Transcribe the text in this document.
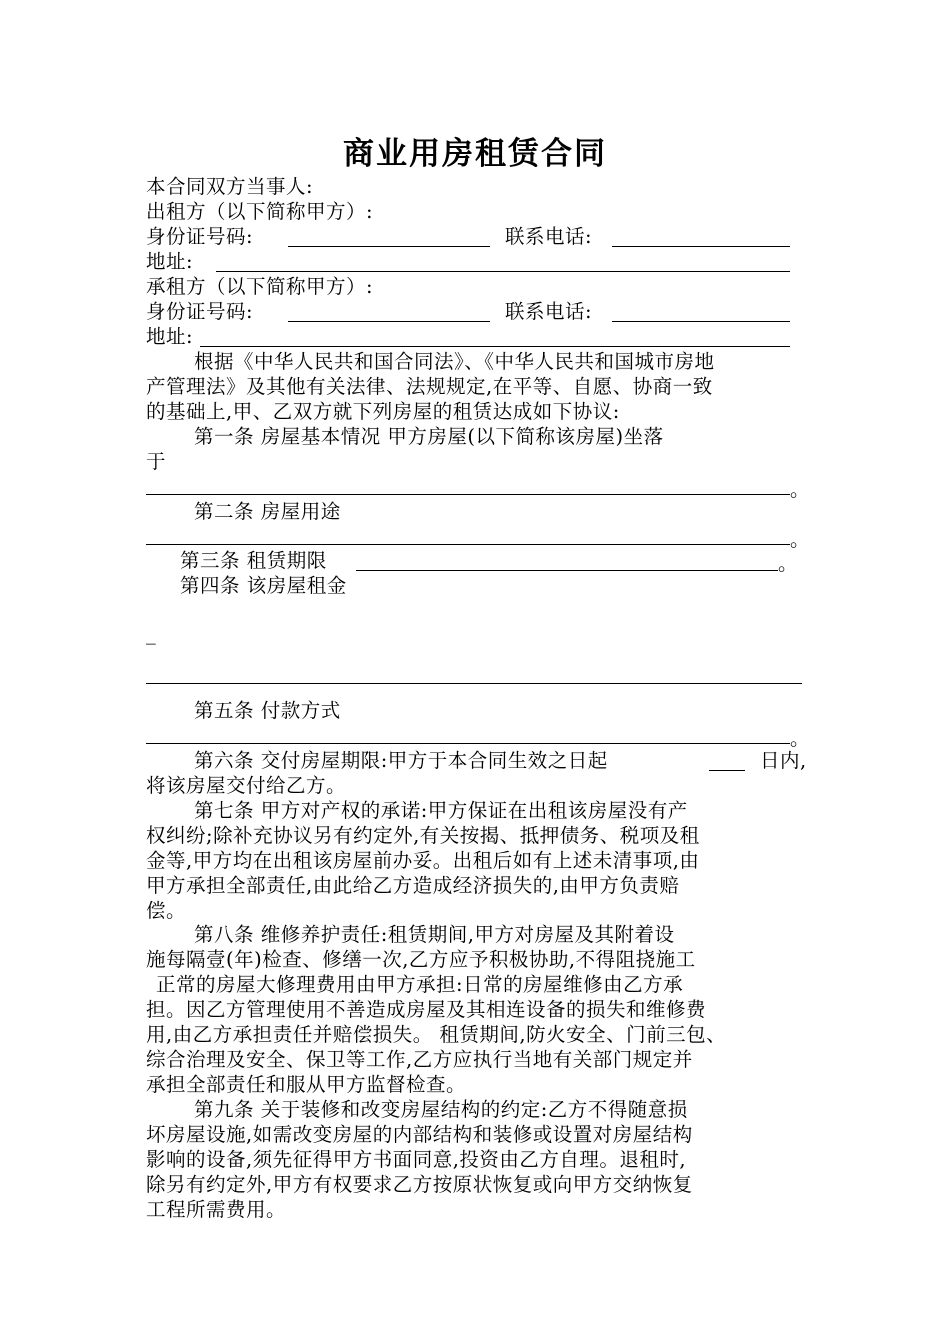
商业用房租赁合同
本合同双方当事人:
出租方（以下简称甲方）:
身份证号码:	联系电话:
地址:
承租方（以下简称甲方）:
身份证号码:	联系电话:
地址:
根据《中华人民共和国合同法》、《中华人民共和国城市房地
产管理法》及其他有关法律、法规规定,在平等、自愿、协商一致
的基础上,甲、乙双方就下列房屋的租赁达成如下协议:
第一条 房屋基本情况 甲方房屋(以下简称该房屋)坐落
于
。
第二条 房屋用途
。
第三条 租赁期限	。
第四条 该房屋租金
_
第五条 付款方式
。
第六条 交付房屋期限:甲方于本合同生效之日起	日内,
将该房屋交付给乙方。
第七条 甲方对产权的承诺:甲方保证在出租该房屋没有产
权纠纷;除补充协议另有约定外,有关按揭、抵押债务、税项及租
金等,甲方均在出租该房屋前办妥。出租后如有上述未清事项,由
甲方承担全部责任,由此给乙方造成经济损失的,由甲方负责赔
偿。
第八条 维修养护责任:租赁期间,甲方对房屋及其附着设
施每隔壹(年)检查、修缮一次,乙方应予积极协助,不得阻挠施工
正常的房屋大修理费用由甲方承担:日常的房屋维修由乙方承
担。因乙方管理使用不善造成房屋及其相连设备的损失和维修费
用,由乙方承担责任并赔偿损失。 租赁期间,防火安全、门前三包、
综合治理及安全、保卫等工作,乙方应执行当地有关部门规定并
承担全部责任和服从甲方监督检查。
第九条 关于装修和改变房屋结构的约定:乙方不得随意损
坏房屋设施,如需改变房屋的内部结构和装修或设置对房屋结构
影响的设备,须先征得甲方书面同意,投资由乙方自理。退租时,
除另有约定外,甲方有权要求乙方按原状恢复或向甲方交纳恢复
工程所需费用。
